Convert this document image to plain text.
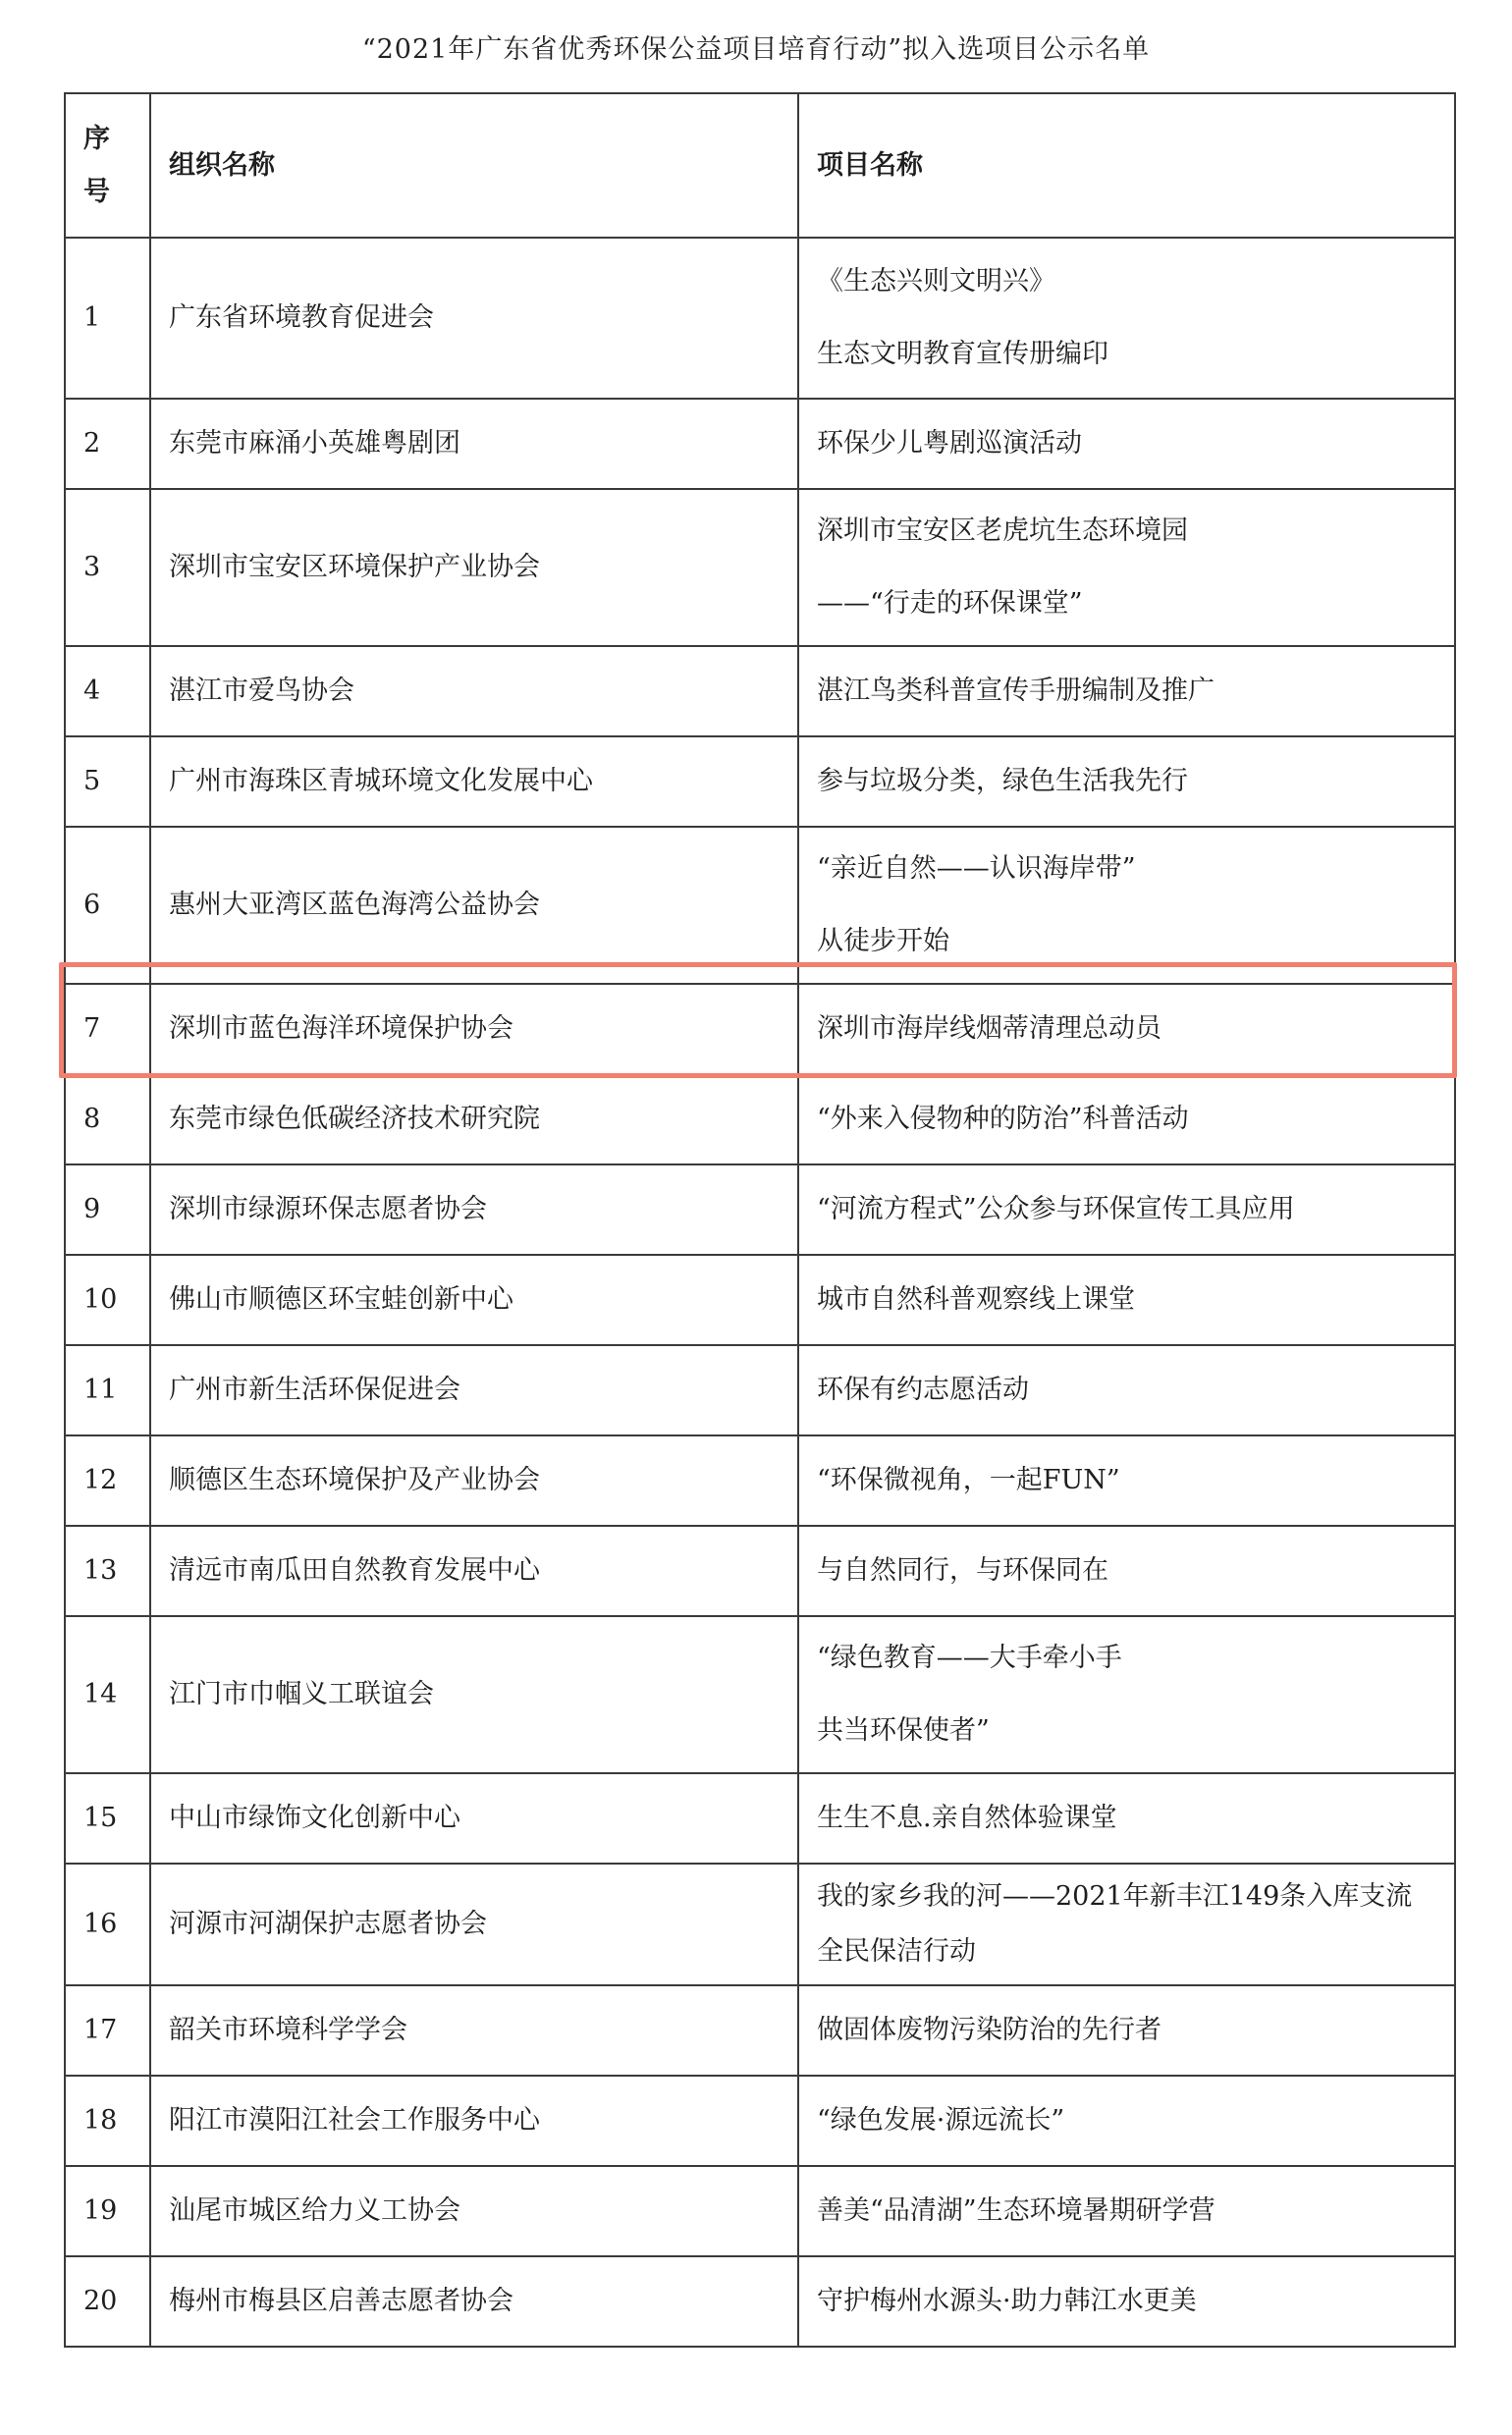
“2021年广东省优秀环保公益项目培育行动”拟入选项目公示名单
序号	组织名称	项目名称
1	广东省环境教育促进会	《生态兴则文明兴》
生态文明教育宣传册编印

2	东莞市麻涌小英雄粤剧团	环保少儿粤剧巡演活动

3	深圳市宝安区环境保护产业协会	深圳市宝安区老虎坑生态环境园
——“行走的环保课堂”

4	湛江市爱鸟协会	湛江鸟类科普宣传手册编制及推广

5	广州市海珠区青城环境文化发展中心	参与垃圾分类，绿色生活我先行

6	惠州大亚湾区蓝色海湾公益协会	“亲近自然——认识海岸带”
从徒步开始

7	深圳市蓝色海洋环境保护协会	深圳市海岸线烟蒂清理总动员

8	东莞市绿色低碳经济技术研究院	“外来入侵物种的防治”科普活动

9	深圳市绿源环保志愿者协会	“河流方程式”公众参与环保宣传工具应用

10	佛山市顺德区环宝蛙创新中心	城市自然科普观察线上课堂

11	广州市新生活环保促进会	环保有约志愿活动

12	顺德区生态环境保护及产业协会	“环保微视角，一起FUN”

13	清远市南瓜田自然教育发展中心	与自然同行，与环保同在

14	江门市巾帼义工联谊会	“绿色教育——大手牵小手
共当环保使者”

15	中山市绿饰文化创新中心	生生不息.亲自然体验课堂

16	河源市河湖保护志愿者协会	我的家乡我的河——2021年新丰江149条入库支流
全民保洁行动

17	韶关市环境科学学会	做固体废物污染防治的先行者

18	阳江市漠阳江社会工作服务中心	“绿色发展·源远流长”

19	汕尾市城区给力义工协会	善美“品清湖”生态环境暑期研学营

20	梅州市梅县区启善志愿者协会	守护梅州水源头·助力韩江水更美
